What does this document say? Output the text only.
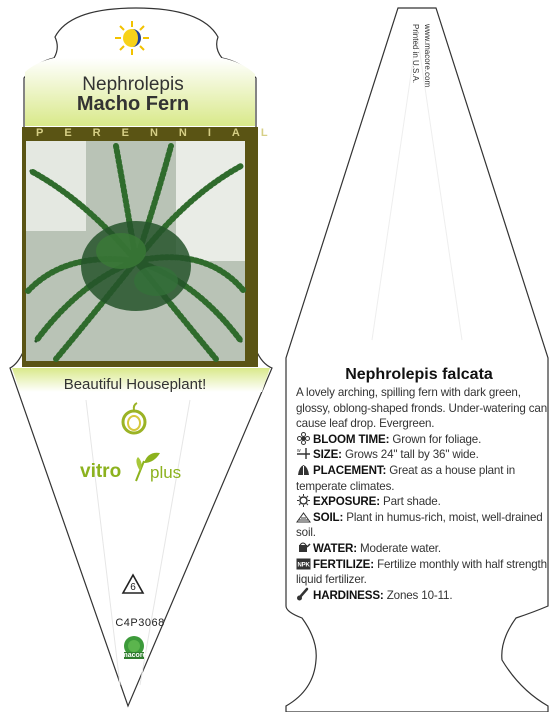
Nephrolepis
Macho Fern
PERENNIAL
Beautiful Houseplant!
vitro plus
6
C4P3068
macore
Printed in U.S.A. www.macore.com
Nephrolepis falcata
A lovely arching, spilling fern with dark green, glossy, oblong-shaped fronds. Under-watering can cause leaf drop. Evergreen.
BLOOM TIME: Grown for foliage.
w SIZE: Grows 24" tall by 36" wide.
PLACEMENT: Great as a house plant in temperate climates.
EXPOSURE: Part shade.
SOIL: Plant in humus-rich, moist, well-drained soil.
WATER: Moderate water.
NPK FERTILIZE: Fertilize monthly with half strength liquid fertilizer.
HARDINESS: Zones 10-11.
